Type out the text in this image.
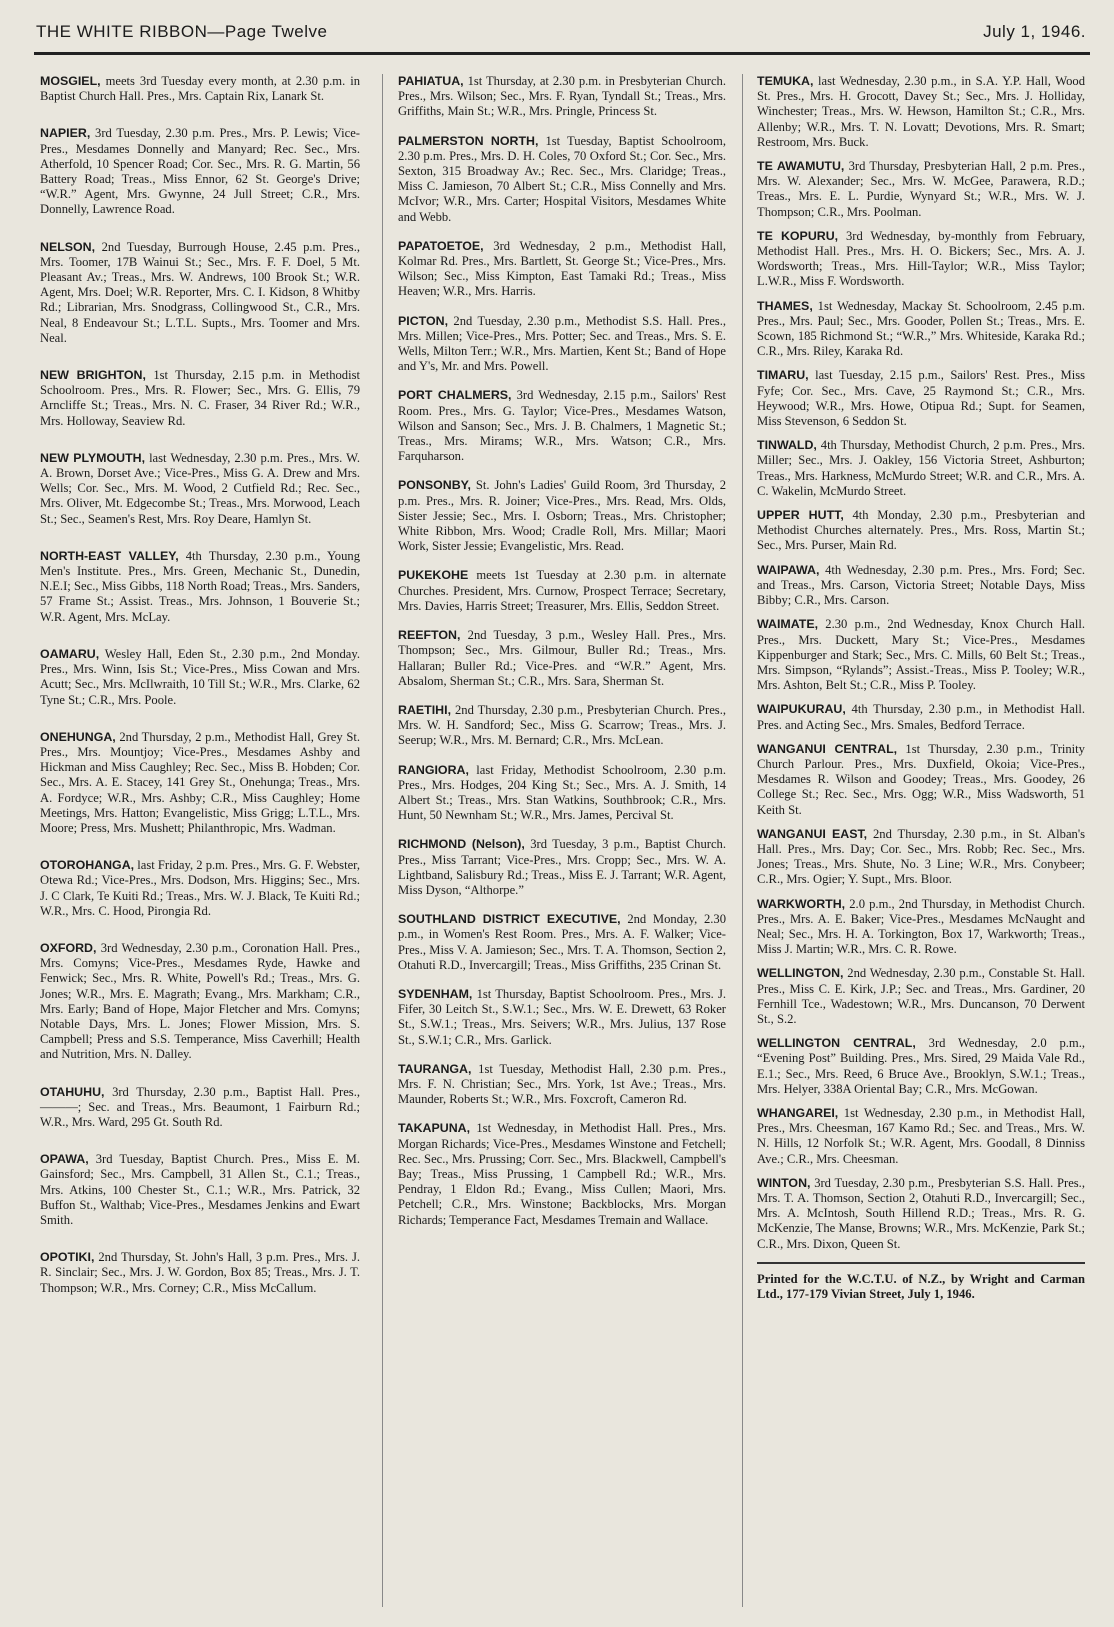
THE WHITE RIBBON—Page Twelve	July 1, 1946.

MOSGIEL, meets 3rd Tuesday every month, at 2.30 p.m. in Baptist Church Hall. Pres., Mrs. Captain Rix, Lanark St.

NAPIER, 3rd Tuesday, 2.30 p.m. Pres., Mrs. P. Lewis; Vice-Pres., Mesdames Donnelly and Manyard; Rec. Sec., Mrs. Atherfold, 10 Spencer Road; Cor. Sec., Mrs. R. G. Martin, 56 Battery Road; Treas., Miss Ennor, 62 St. George's Drive; “W.R.” Agent, Mrs. Gwynne, 24 Jull Street; C.R., Mrs. Donnelly, Lawrence Road.

NELSON, 2nd Tuesday, Burrough House, 2.45 p.m. Pres., Mrs. Toomer, 17B Wainui St.; Sec., Mrs. F. F. Doel, 5 Mt. Pleasant Av.; Treas., Mrs. W. Andrews, 100 Brook St.; W.R. Agent, Mrs. Doel; W.R. Reporter, Mrs. C. I. Kidson, 8 Whitby Rd.; Librarian, Mrs. Snodgrass, Collingwood St., C.R., Mrs. Neal, 8 Endeavour St.; L.T.L. Supts., Mrs. Toomer and Mrs. Neal.

NEW BRIGHTON, 1st Thursday, 2.15 p.m. in Methodist Schoolroom. Pres., Mrs. R. Flower; Sec., Mrs. G. Ellis, 79 Arncliffe St.; Treas., Mrs. N. C. Fraser, 34 River Rd.; W.R., Mrs. Holloway, Seaview Rd.

NEW PLYMOUTH, last Wednesday, 2.30 p.m. Pres., Mrs. W. A. Brown, Dorset Ave.; Vice-Pres., Miss G. A. Drew and Mrs. Wells; Cor. Sec., Mrs. M. Wood, 2 Cutfield Rd.; Rec. Sec., Mrs. Oliver, Mt. Edgecombe St.; Treas., Mrs. Morwood, Leach St.; Sec., Seamen's Rest, Mrs. Roy Deare, Hamlyn St.

NORTH-EAST VALLEY, 4th Thursday, 2.30 p.m., Young Men's Institute. Pres., Mrs. Green, Mechanic St., Dunedin, N.E.I; Sec., Miss Gibbs, 118 North Road; Treas., Mrs. Sanders, 57 Frame St.; Assist. Treas., Mrs. Johnson, 1 Bouverie St.; W.R. Agent, Mrs. McLay.

OAMARU, Wesley Hall, Eden St., 2.30 p.m., 2nd Monday. Pres., Mrs. Winn, Isis St.; Vice-Pres., Miss Cowan and Mrs. Acutt; Sec., Mrs. McIlwraith, 10 Till St.; W.R., Mrs. Clarke, 62 Tyne St.; C.R., Mrs. Poole.

ONEHUNGA, 2nd Thursday, 2 p.m., Methodist Hall, Grey St. Pres., Mrs. Mountjoy; Vice-Pres., Mesdames Ashby and Hickman and Miss Caughley; Rec. Sec., Miss B. Hobden; Cor. Sec., Mrs. A. E. Stacey, 141 Grey St., Onehunga; Treas., Mrs. A. Fordyce; W.R., Mrs. Ashby; C.R., Miss Caughley; Home Meetings, Mrs. Hatton; Evangelistic, Miss Grigg; L.T.L., Mrs. Moore; Press, Mrs. Mushett; Philanthropic, Mrs. Wadman.

OTOROHANGA, last Friday, 2 p.m. Pres., Mrs. G. F. Webster, Otewa Rd.; Vice-Pres., Mrs. Dodson, Mrs. Higgins; Sec., Mrs. J. C Clark, Te Kuiti Rd.; Treas., Mrs. W. J. Black, Te Kuiti Rd.; W.R., Mrs. C. Hood, Pirongia Rd.

OXFORD, 3rd Wednesday, 2.30 p.m., Coronation Hall. Pres., Mrs. Comyns; Vice-Pres., Mesdames Ryde, Hawke and Fenwick; Sec., Mrs. R. White, Powell's Rd.; Treas., Mrs. G. Jones; W.R., Mrs. E. Magrath; Evang., Mrs. Markham; C.R., Mrs. Early; Band of Hope, Major Fletcher and Mrs. Comyns; Notable Days, Mrs. L. Jones; Flower Mission, Mrs. S. Campbell; Press and S.S. Temperance, Miss Caverhill; Health and Nutrition, Mrs. N. Dalley.

OTAHUHU, 3rd Thursday, 2.30 p.m., Baptist Hall. Pres., ———; Sec. and Treas., Mrs. Beaumont, 1 Fairburn Rd.; W.R., Mrs. Ward, 295 Gt. South Rd.

OPAWA, 3rd Tuesday, Baptist Church. Pres., Miss E. M. Gainsford; Sec., Mrs. Campbell, 31 Allen St., C.1.; Treas., Mrs. Atkins, 100 Chester St., C.1.; W.R., Mrs. Patrick, 32 Buffon St., Walthab; Vice-Pres., Mesdames Jenkins and Ewart Smith.

OPOTIKI, 2nd Thursday, St. John's Hall, 3 p.m. Pres., Mrs. J. R. Sinclair; Sec., Mrs. J. W. Gordon, Box 85; Treas., Mrs. J. T. Thompson; W.R., Mrs. Corney; C.R., Miss McCallum.

PAHIATUA, 1st Thursday, at 2.30 p.m. in Presbyterian Church. Pres., Mrs. Wilson; Sec., Mrs. F. Ryan, Tyndall St.; Treas., Mrs. Griffiths, Main St.; W.R., Mrs. Pringle, Princess St.

PALMERSTON NORTH, 1st Tuesday, Baptist Schoolroom, 2.30 p.m. Pres., Mrs. D. H. Coles, 70 Oxford St.; Cor. Sec., Mrs. Sexton, 315 Broadway Av.; Rec. Sec., Mrs. Claridge; Treas., Miss C. Jamieson, 70 Albert St.; C.R., Miss Connelly and Mrs. McIvor; W.R., Mrs. Carter; Hospital Visitors, Mesdames White and Webb.

PAPATOETOE, 3rd Wednesday, 2 p.m., Methodist Hall, Kolmar Rd. Pres., Mrs. Bartlett, St. George St.; Vice-Pres., Mrs. Wilson; Sec., Miss Kimpton, East Tamaki Rd.; Treas., Miss Heaven; W.R., Mrs. Harris.

PICTON, 2nd Tuesday, 2.30 p.m., Methodist S.S. Hall. Pres., Mrs. Millen; Vice-Pres., Mrs. Potter; Sec. and Treas., Mrs. S. E. Wells, Milton Terr.; W.R., Mrs. Martien, Kent St.; Band of Hope and Y's, Mr. and Mrs. Powell.

PORT CHALMERS, 3rd Wednesday, 2.15 p.m., Sailors' Rest Room. Pres., Mrs. G. Taylor; Vice-Pres., Mesdames Watson, Wilson and Sanson; Sec., Mrs. J. B. Chalmers, 1 Magnetic St.; Treas., Mrs. Mirams; W.R., Mrs. Watson; C.R., Mrs. Farquharson.

PONSONBY, St. John's Ladies' Guild Room, 3rd Thursday, 2 p.m. Pres., Mrs. R. Joiner; Vice-Pres., Mrs. Read, Mrs. Olds, Sister Jessie; Sec., Mrs. I. Osborn; Treas., Mrs. Christopher; White Ribbon, Mrs. Wood; Cradle Roll, Mrs. Millar; Maori Work, Sister Jessie; Evangelistic, Mrs. Read.

PUKEKOHE meets 1st Tuesday at 2.30 p.m. in alternate Churches. President, Mrs. Curnow, Prospect Terrace; Secretary, Mrs. Davies, Harris Street; Treasurer, Mrs. Ellis, Seddon Street.

REEFTON, 2nd Tuesday, 3 p.m., Wesley Hall. Pres., Mrs. Thompson; Sec., Mrs. Gilmour, Buller Rd.; Treas., Mrs. Hallaran; Buller Rd.; Vice-Pres. and “W.R.” Agent, Mrs. Absalom, Sherman St.; C.R., Mrs. Sara, Sherman St.

RAETIHI, 2nd Thursday, 2.30 p.m., Presbyterian Church. Pres., Mrs. W. H. Sandford; Sec., Miss G. Scarrow; Treas., Mrs. J. Seerup; W.R., Mrs. M. Bernard; C.R., Mrs. McLean.

RANGIORA, last Friday, Methodist Schoolroom, 2.30 p.m. Pres., Mrs. Hodges, 204 King St.; Sec., Mrs. A. J. Smith, 14 Albert St.; Treas., Mrs. Stan Watkins, Southbrook; C.R., Mrs. Hunt, 50 Newnham St.; W.R., Mrs. James, Percival St.

RICHMOND (Nelson), 3rd Tuesday, 3 p.m., Baptist Church. Pres., Miss Tarrant; Vice-Pres., Mrs. Cropp; Sec., Mrs. W. A. Lightband, Salisbury Rd.; Treas., Miss E. J. Tarrant; W.R. Agent, Miss Dyson, “Althorpe.”

SOUTHLAND DISTRICT EXECUTIVE, 2nd Monday, 2.30 p.m., in Women's Rest Room. Pres., Mrs. A. F. Walker; Vice-Pres., Miss V. A. Jamieson; Sec., Mrs. T. A. Thomson, Section 2, Otahuti R.D., Invercargill; Treas., Miss Griffiths, 235 Crinan St.

SYDENHAM, 1st Thursday, Baptist Schoolroom. Pres., Mrs. J. Fifer, 30 Leitch St., S.W.1.; Sec., Mrs. W. E. Drewett, 63 Roker St., S.W.1.; Treas., Mrs. Seivers; W.R., Mrs. Julius, 137 Rose St., S.W.1; C.R., Mrs. Garlick.

TAURANGA, 1st Tuesday, Methodist Hall, 2.30 p.m. Pres., Mrs. F. N. Christian; Sec., Mrs. York, 1st Ave.; Treas., Mrs. Maunder, Roberts St.; W.R., Mrs. Foxcroft, Cameron Rd.

TAKAPUNA, 1st Wednesday, in Methodist Hall. Pres., Mrs. Morgan Richards; Vice-Pres., Mesdames Winstone and Fetchell; Rec. Sec., Mrs. Prussing; Corr. Sec., Mrs. Blackwell, Campbell's Bay; Treas., Miss Prussing, 1 Campbell Rd.; W.R., Mrs. Pendray, 1 Eldon Rd.; Evang., Miss Cullen; Maori, Mrs. Petchell; C.R., Mrs. Winstone; Backblocks, Mrs. Morgan Richards; Temperance Fact, Mesdames Tremain and Wallace.

TEMUKA, last Wednesday, 2.30 p.m., in S.A. Y.P. Hall, Wood St. Pres., Mrs. H. Grocott, Davey St.; Sec., Mrs. J. Holliday, Winchester; Treas., Mrs. W. Hewson, Hamilton St.; C.R., Mrs. Allenby; W.R., Mrs. T. N. Lovatt; Devotions, Mrs. R. Smart; Restroom, Mrs. Buck.

TE AWAMUTU, 3rd Thursday, Presbyterian Hall, 2 p.m. Pres., Mrs. W. Alexander; Sec., Mrs. W. McGee, Parawera, R.D.; Treas., Mrs. E. L. Purdie, Wynyard St.; W.R., Mrs. W. J. Thompson; C.R., Mrs. Poolman.

TE KOPURU, 3rd Wednesday, by-monthly from February, Methodist Hall. Pres., Mrs. H. O. Bickers; Sec., Mrs. A. J. Wordsworth; Treas., Mrs. Hill-Taylor; W.R., Miss Taylor; L.W.R., Miss F. Wordsworth.

THAMES, 1st Wednesday, Mackay St. Schoolroom, 2.45 p.m. Pres., Mrs. Paul; Sec., Mrs. Gooder, Pollen St.; Treas., Mrs. E. Scown, 185 Richmond St.; “W.R.,” Mrs. Whiteside, Karaka Rd.; C.R., Mrs. Riley, Karaka Rd.

TIMARU, last Tuesday, 2.15 p.m., Sailors' Rest. Pres., Miss Fyfe; Cor. Sec., Mrs. Cave, 25 Raymond St.; C.R., Mrs. Heywood; W.R., Mrs. Howe, Otipua Rd.; Supt. for Seamen, Miss Stevenson, 6 Seddon St.

TINWALD, 4th Thursday, Methodist Church, 2 p.m. Pres., Mrs. Miller; Sec., Mrs. J. Oakley, 156 Victoria Street, Ashburton; Treas., Mrs. Harkness, McMurdo Street; W.R. and C.R., Mrs. A. C. Wakelin, McMurdo Street.

UPPER HUTT, 4th Monday, 2.30 p.m., Presbyterian and Methodist Churches alternately. Pres., Mrs. Ross, Martin St.; Sec., Mrs. Purser, Main Rd.

WAIPAWA, 4th Wednesday, 2.30 p.m. Pres., Mrs. Ford; Sec. and Treas., Mrs. Carson, Victoria Street; Notable Days, Miss Bibby; C.R., Mrs. Carson.

WAIMATE, 2.30 p.m., 2nd Wednesday, Knox Church Hall. Pres., Mrs. Duckett, Mary St.; Vice-Pres., Mesdames Kippenburger and Stark; Sec., Mrs. C. Mills, 60 Belt St.; Treas., Mrs. Simpson, “Rylands”; Assist.-Treas., Miss P. Tooley; W.R., Mrs. Ashton, Belt St.; C.R., Miss P. Tooley.

WAIPUKURAU, 4th Thursday, 2.30 p.m., in Methodist Hall. Pres. and Acting Sec., Mrs. Smales, Bedford Terrace.

WANGANUI CENTRAL, 1st Thursday, 2.30 p.m., Trinity Church Parlour. Pres., Mrs. Duxfield, Okoia; Vice-Pres., Mesdames R. Wilson and Goodey; Treas., Mrs. Goodey, 26 College St.; Rec. Sec., Mrs. Ogg; W.R., Miss Wadsworth, 51 Keith St.

WANGANUI EAST, 2nd Thursday, 2.30 p.m., in St. Alban's Hall. Pres., Mrs. Day; Cor. Sec., Mrs. Robb; Rec. Sec., Mrs. Jones; Treas., Mrs. Shute, No. 3 Line; W.R., Mrs. Conybeer; C.R., Mrs. Ogier; Y. Supt., Mrs. Bloor.

WARKWORTH, 2.0 p.m., 2nd Thursday, in Methodist Church. Pres., Mrs. A. E. Baker; Vice-Pres., Mesdames McNaught and Neal; Sec., Mrs. H. A. Torkington, Box 17, Warkworth; Treas., Miss J. Martin; W.R., Mrs. C. R. Rowe.

WELLINGTON, 2nd Wednesday, 2.30 p.m., Constable St. Hall. Pres., Miss C. E. Kirk, J.P.; Sec. and Treas., Mrs. Gardiner, 20 Fernhill Tce., Wadestown; W.R., Mrs. Duncanson, 70 Derwent St., S.2.

WELLINGTON CENTRAL, 3rd Wednesday, 2.0 p.m., “Evening Post” Building. Pres., Mrs. Sired, 29 Maida Vale Rd., E.1.; Sec., Mrs. Reed, 6 Bruce Ave., Brooklyn, S.W.1.; Treas., Mrs. Helyer, 338A Oriental Bay; C.R., Mrs. McGowan.

WHANGAREI, 1st Wednesday, 2.30 p.m., in Methodist Hall, Pres., Mrs. Cheesman, 167 Kamo Rd.; Sec. and Treas., Mrs. W. N. Hills, 12 Norfolk St.; W.R. Agent, Mrs. Goodall, 8 Dinniss Ave.; C.R., Mrs. Cheesman.

WINTON, 3rd Tuesday, 2.30 p.m., Presbyterian S.S. Hall. Pres., Mrs. T. A. Thomson, Section 2, Otahuti R.D., Invercargill; Sec., Mrs. A. McIntosh, South Hillend R.D.; Treas., Mrs. R. G. McKenzie, The Manse, Browns; W.R., Mrs. McKenzie, Park St.; C.R., Mrs. Dixon, Queen St.

Printed for the W.C.T.U. of N.Z., by Wright and Carman Ltd., 177-179 Vivian Street, July 1, 1946.
